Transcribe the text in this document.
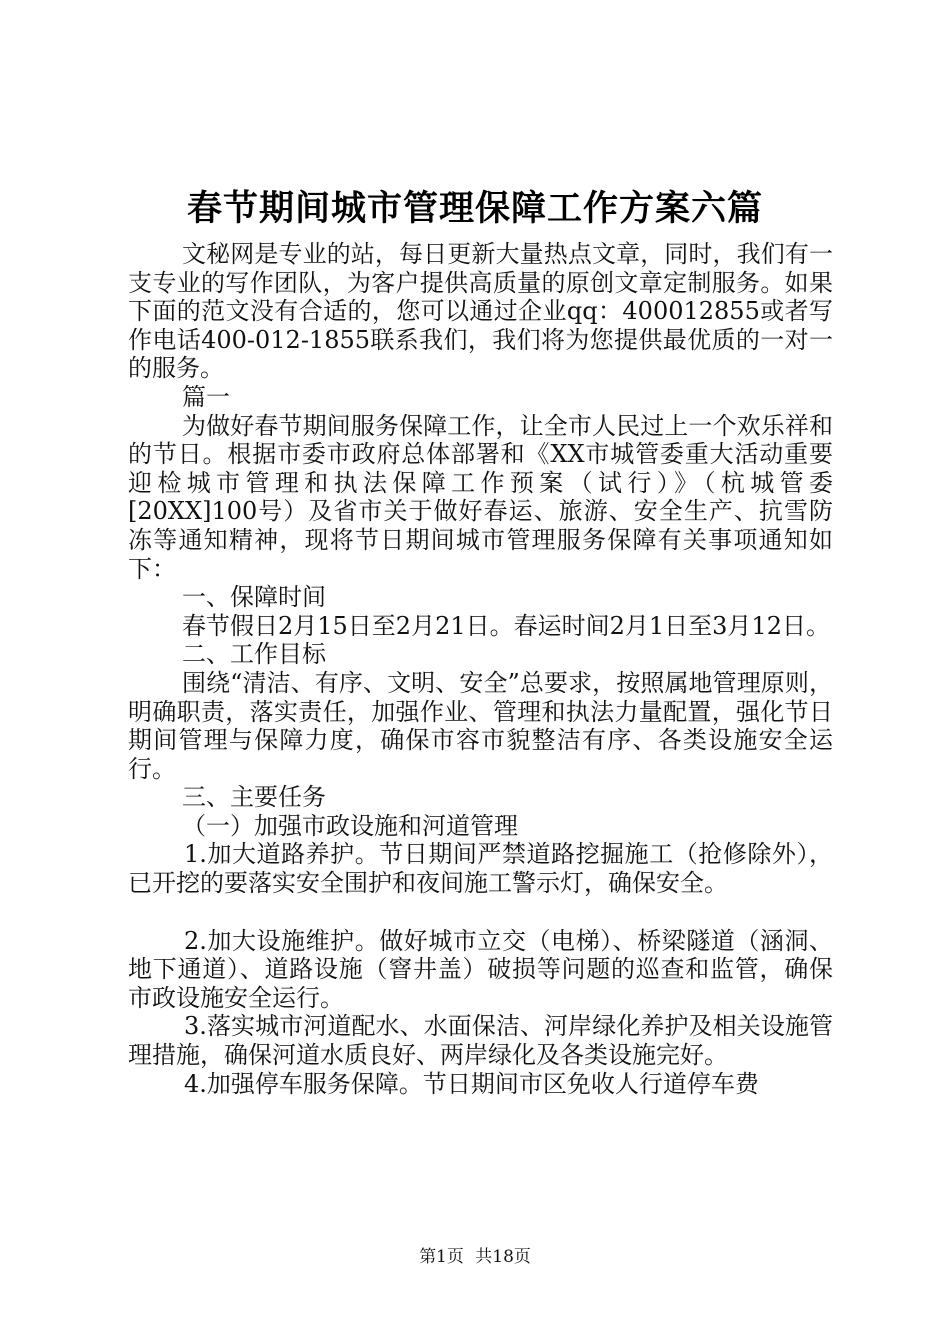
春节期间城市管理保障工作方案六篇

文秘网是专业的站，每日更新大量热点文章，同时，我们有一支专业的写作团队，为客户提供高质量的原创文章定制服务。如果下面的范文没有合适的，您可以通过企业qq：400012855或者写作电话400-012-1855联系我们，我们将为您提供最优质的一对一的服务。

篇一

为做好春节期间服务保障工作，让全市人民过上一个欢乐祥和的节日。根据市委市政府总体部署和《XX市城管委重大活动重要迎检城市管理和执法保障工作预案（试行）》（杭城管委[20XX]100号）及省市关于做好春运、旅游、安全生产、抗雪防冻等通知精神，现将节日期间城市管理服务保障有关事项通知如下：

一、保障时间

春节假日2月15日至2月21日。春运时间2月1日至3月12日。

二、工作目标

围绕“清洁、有序、文明、安全”总要求，按照属地管理原则，明确职责，落实责任，加强作业、管理和执法力量配置，强化节日期间管理与保障力度，确保市容市貌整洁有序、各类设施安全运行。

三、主要任务

（一）加强市政设施和河道管理

1.加大道路养护。节日期间严禁道路挖掘施工（抢修除外），已开挖的要落实安全围护和夜间施工警示灯，确保安全。

2.加大设施维护。做好城市立交（电梯）、桥梁隧道（涵洞、地下通道）、道路设施（窨井盖）破损等问题的巡查和监管，确保市政设施安全运行。

3.落实城市河道配水、水面保洁、河岸绿化养护及相关设施管理措施，确保河道水质良好、两岸绿化及各类设施完好。

4.加强停车服务保障。节日期间市区免收人行道停车费

第1页 共18页
